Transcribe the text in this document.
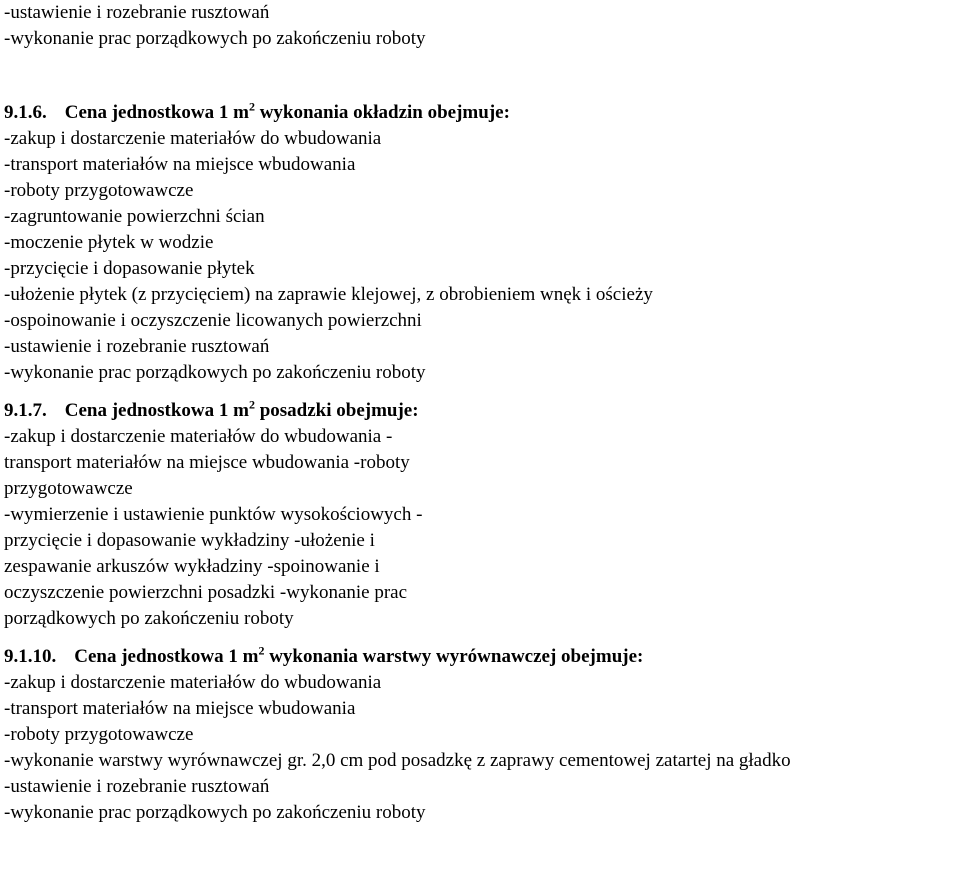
-ustawienie i rozebranie rusztowań
-wykonanie prac porządkowych po zakończeniu roboty
9.1.6. Cena jednostkowa 1 $m^2$ wykonania okładzin obejmuje:
-zakup i dostarczenie materiałów do wbudowania
-transport materiałów na miejsce wbudowania
-roboty przygotowawcze
-zagruntowanie powierzchni ścian
-moczenie płytek w wodzie
-przycięcie i dopasowanie płytek
-ułożenie płytek (z przycięciem) na zaprawie klejowej, z obrobieniem wnęk i ościeży
-ospoinowanie i oczyszczenie licowanych powierzchni
-ustawienie i rozebranie rusztowań
-wykonanie prac porządkowych po zakończeniu roboty
9.1.7. Cena jednostkowa 1 $m^2$ posadzki obejmuje:
-zakup i dostarczenie materiałów do wbudowania -
transport materiałów na miejsce wbudowania -roboty
przygotowawcze
-wymierzenie i ustawienie punktów wysokościowych -
przycięcie i dopasowanie wykładziny -ułożenie i
zespawanie arkuszów wykładziny -spoinowanie i
oczyszczenie powierzchni posadzki -wykonanie prac
porządkowych po zakończeniu roboty
9.1.10. Cena jednostkowa 1 $m^2$ wykonania warstwy wyrównawczej obejmuje:
-zakup i dostarczenie materiałów do wbudowania
-transport materiałów na miejsce wbudowania
-roboty przygotowawcze
-wykonanie warstwy wyrównawczej gr. 2,0 cm pod posadzkę z zaprawy cementowej zatartej na gładko
-ustawienie i rozebranie rusztowań
-wykonanie prac porządkowych po zakończeniu roboty
